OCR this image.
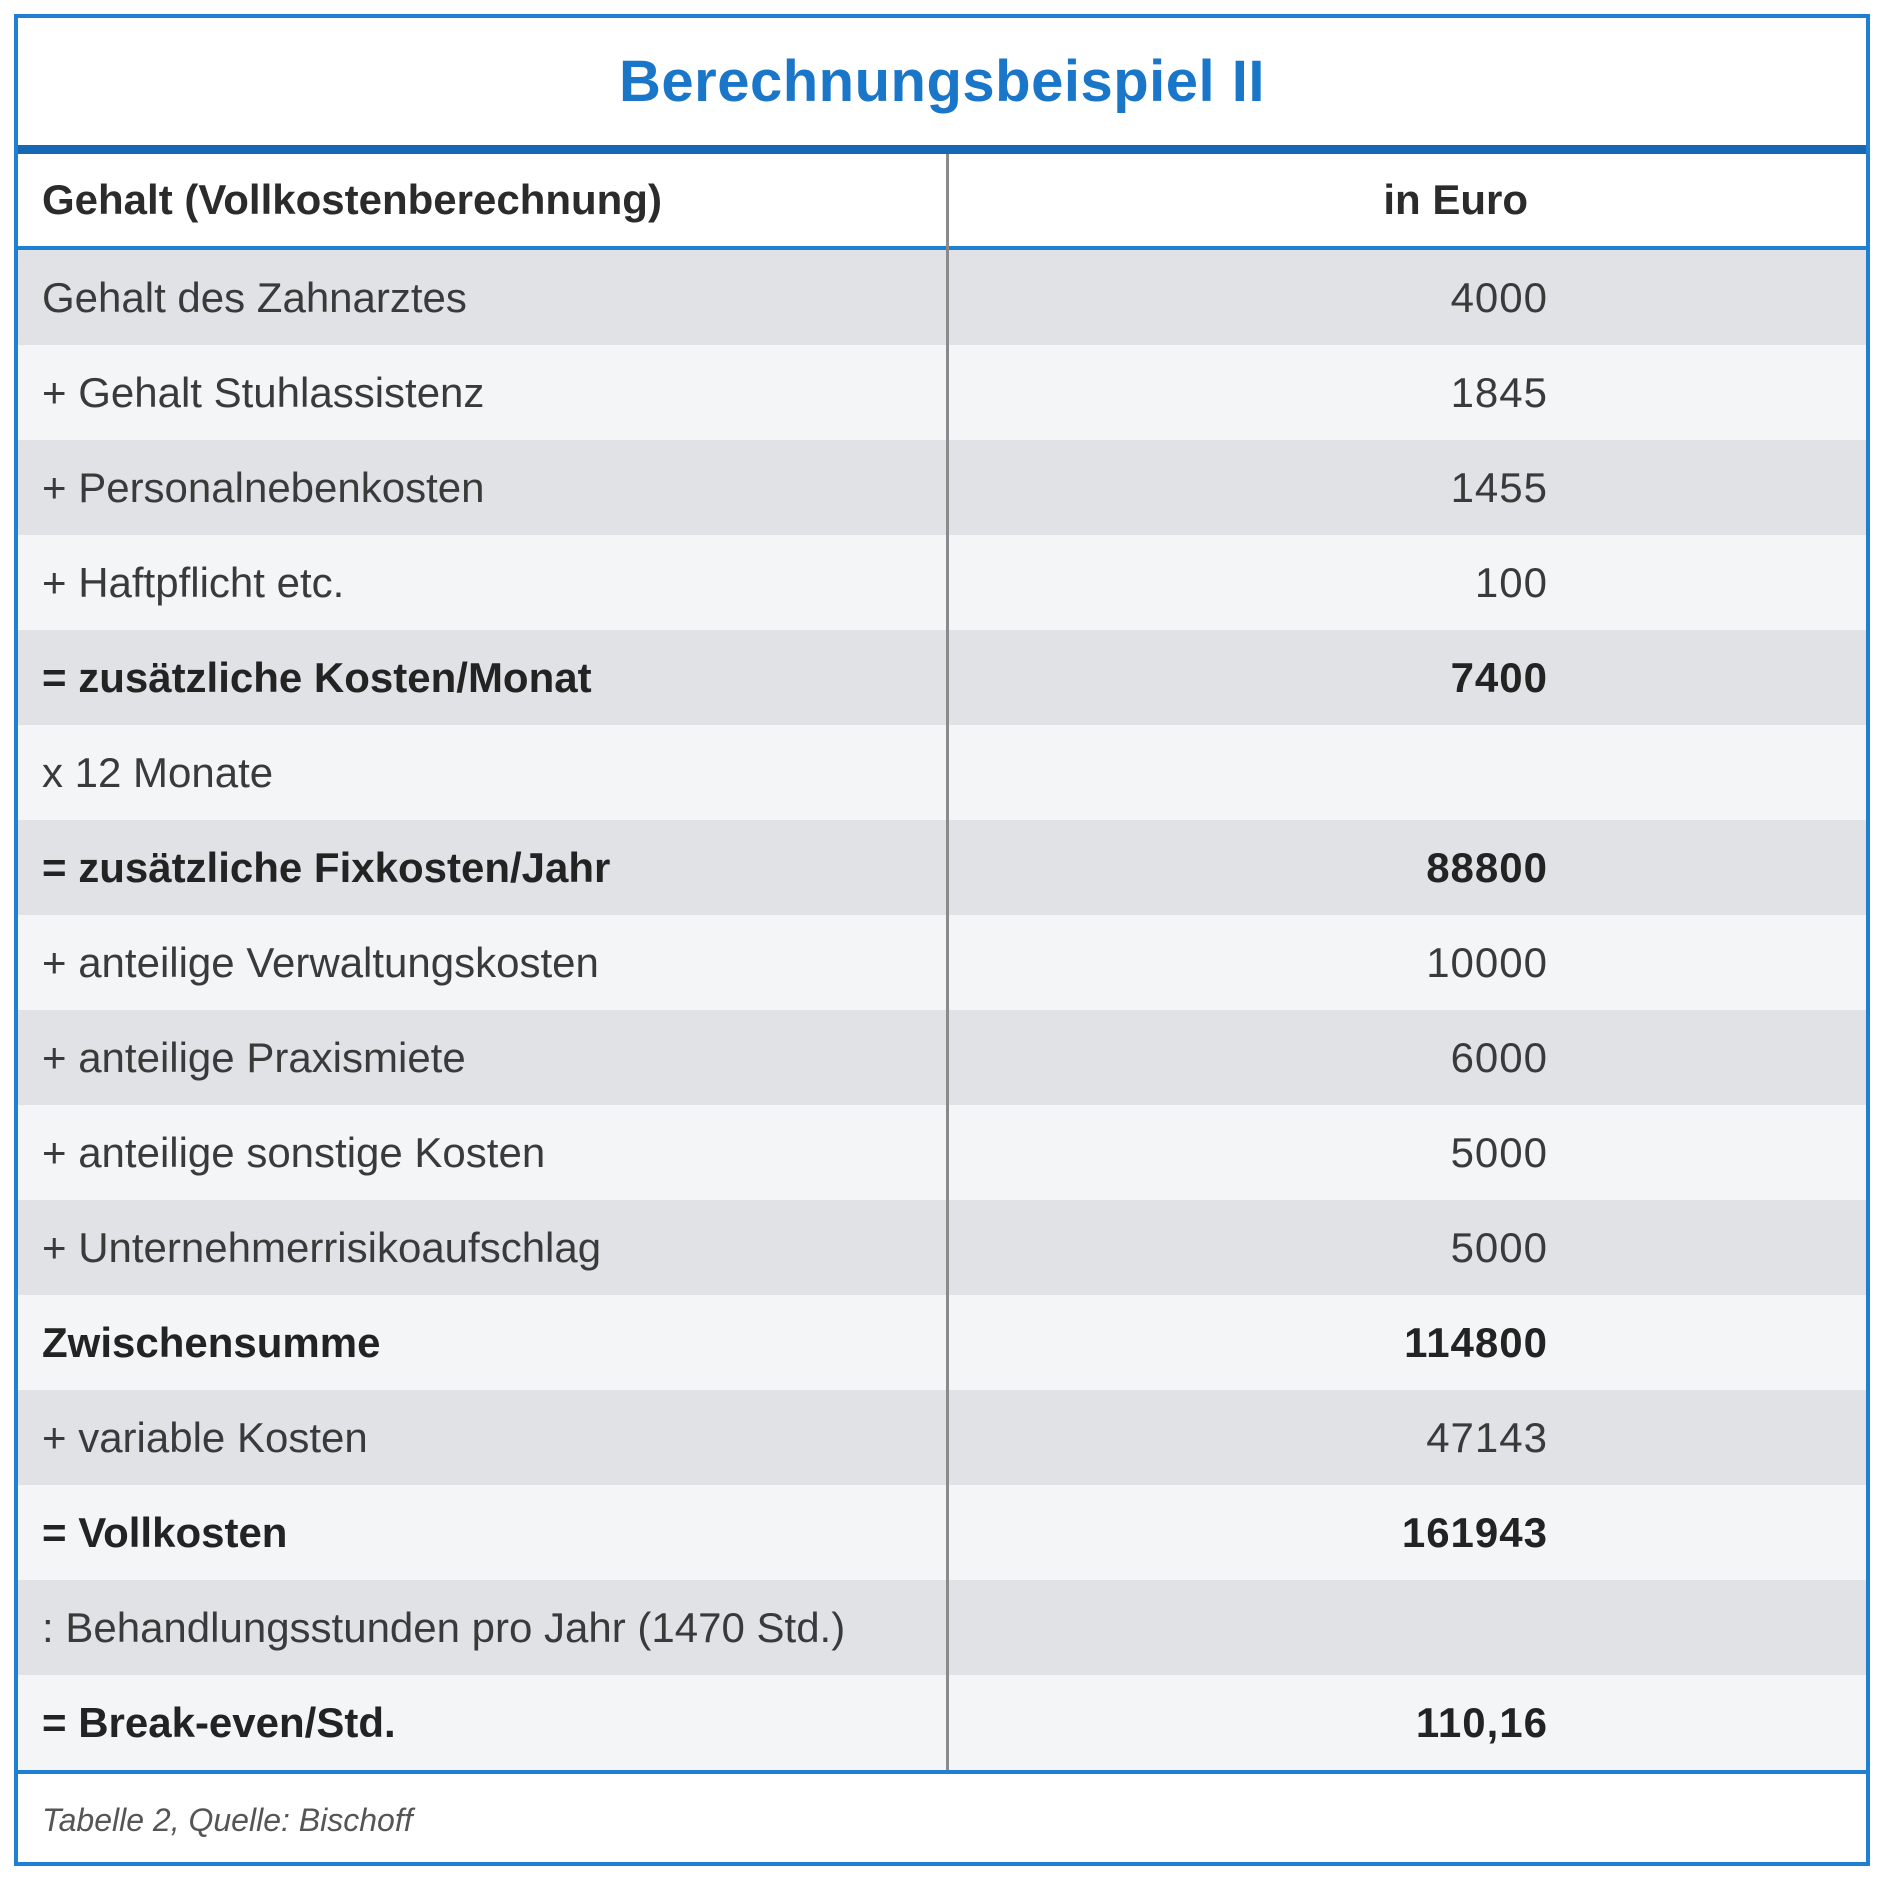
Berechnungsbeispiel II
Gehalt (Vollkostenberechnung)	in Euro
Gehalt des Zahnarztes	4000
+ Gehalt Stuhlassistenz	1845
+ Personalnebenkosten	1455
+ Haftpflicht etc.	100
= zusätzliche Kosten/Monat	7400
x 12 Monate
= zusätzliche Fixkosten/Jahr	88800
+ anteilige Verwaltungskosten	10000
+ anteilige Praxismiete	6000
+ anteilige sonstige Kosten	5000
+ Unternehmerrisikoaufschlag	5000
Zwischensumme	114800
+ variable Kosten	47143
= Vollkosten	161943
: Behandlungsstunden pro Jahr (1470 Std.)
= Break-even/Std.	110,16
Tabelle 2, Quelle: Bischoff
